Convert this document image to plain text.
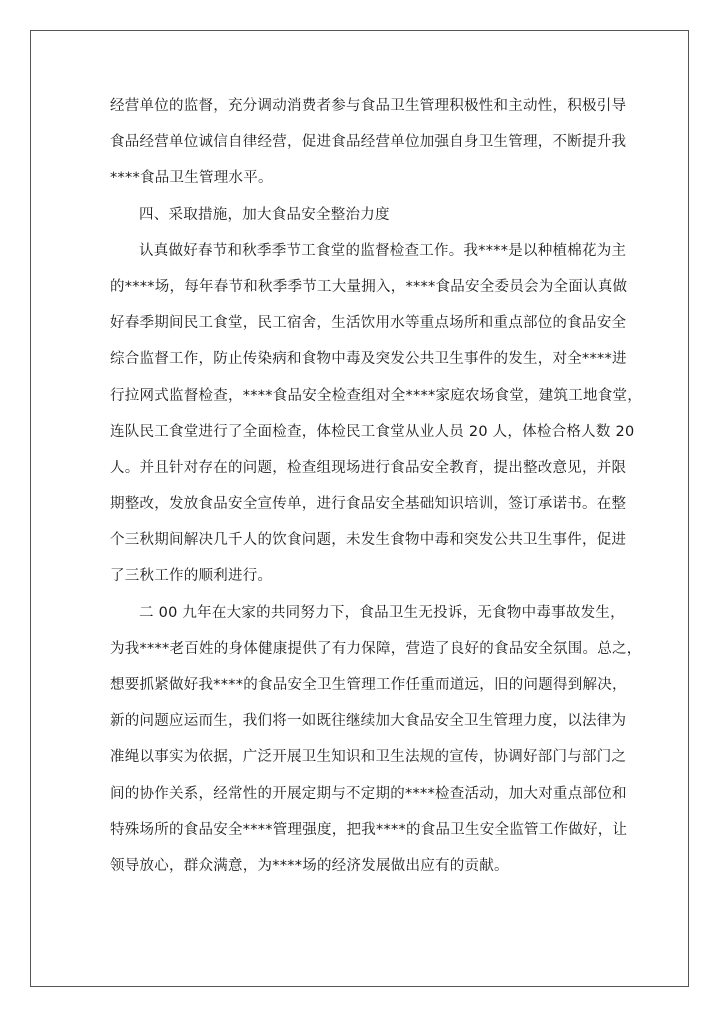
经营单位的监督，充分调动消费者参与食品卫生管理积极性和主动性，积极引导
食品经营单位诚信自律经营，促进食品经营单位加强自身卫生管理，不断提升我
****食品卫生管理水平。
四、采取措施，加大食品安全整治力度
认真做好春节和秋季季节工食堂的监督检查工作。我****是以种植棉花为主
的****场，每年春节和秋季季节工大量拥入，****食品安全委员会为全面认真做
好春季期间民工食堂，民工宿舍，生活饮用水等重点场所和重点部位的食品安全
综合监督工作，防止传染病和食物中毒及突发公共卫生事件的发生，对全****进
行拉网式监督检查，****食品安全检查组对全****家庭农场食堂，建筑工地食堂，
连队民工食堂进行了全面检查，体检民工食堂从业人员 20 人，体检合格人数 20
人。并且针对存在的问题，检查组现场进行食品安全教育，提出整改意见，并限
期整改，发放食品安全宣传单，进行食品安全基础知识培训，签订承诺书。在整
个三秋期间解决几千人的饮食问题，未发生食物中毒和突发公共卫生事件，促进
了三秋工作的顺利进行。
二 00 九年在大家的共同努力下，食品卫生无投诉，无食物中毒事故发生，
为我****老百姓的身体健康提供了有力保障，营造了良好的食品安全氛围。总之，
想要抓紧做好我****的食品安全卫生管理工作任重而道远，旧的问题得到解决，
新的问题应运而生，我们将一如既往继续加大食品安全卫生管理力度，以法律为
准绳以事实为依据，广泛开展卫生知识和卫生法规的宣传，协调好部门与部门之
间的协作关系，经常性的开展定期与不定期的****检查活动，加大对重点部位和
特殊场所的食品安全****管理强度，把我****的食品卫生安全监管工作做好，让
领导放心，群众满意，为****场的经济发展做出应有的贡献。
